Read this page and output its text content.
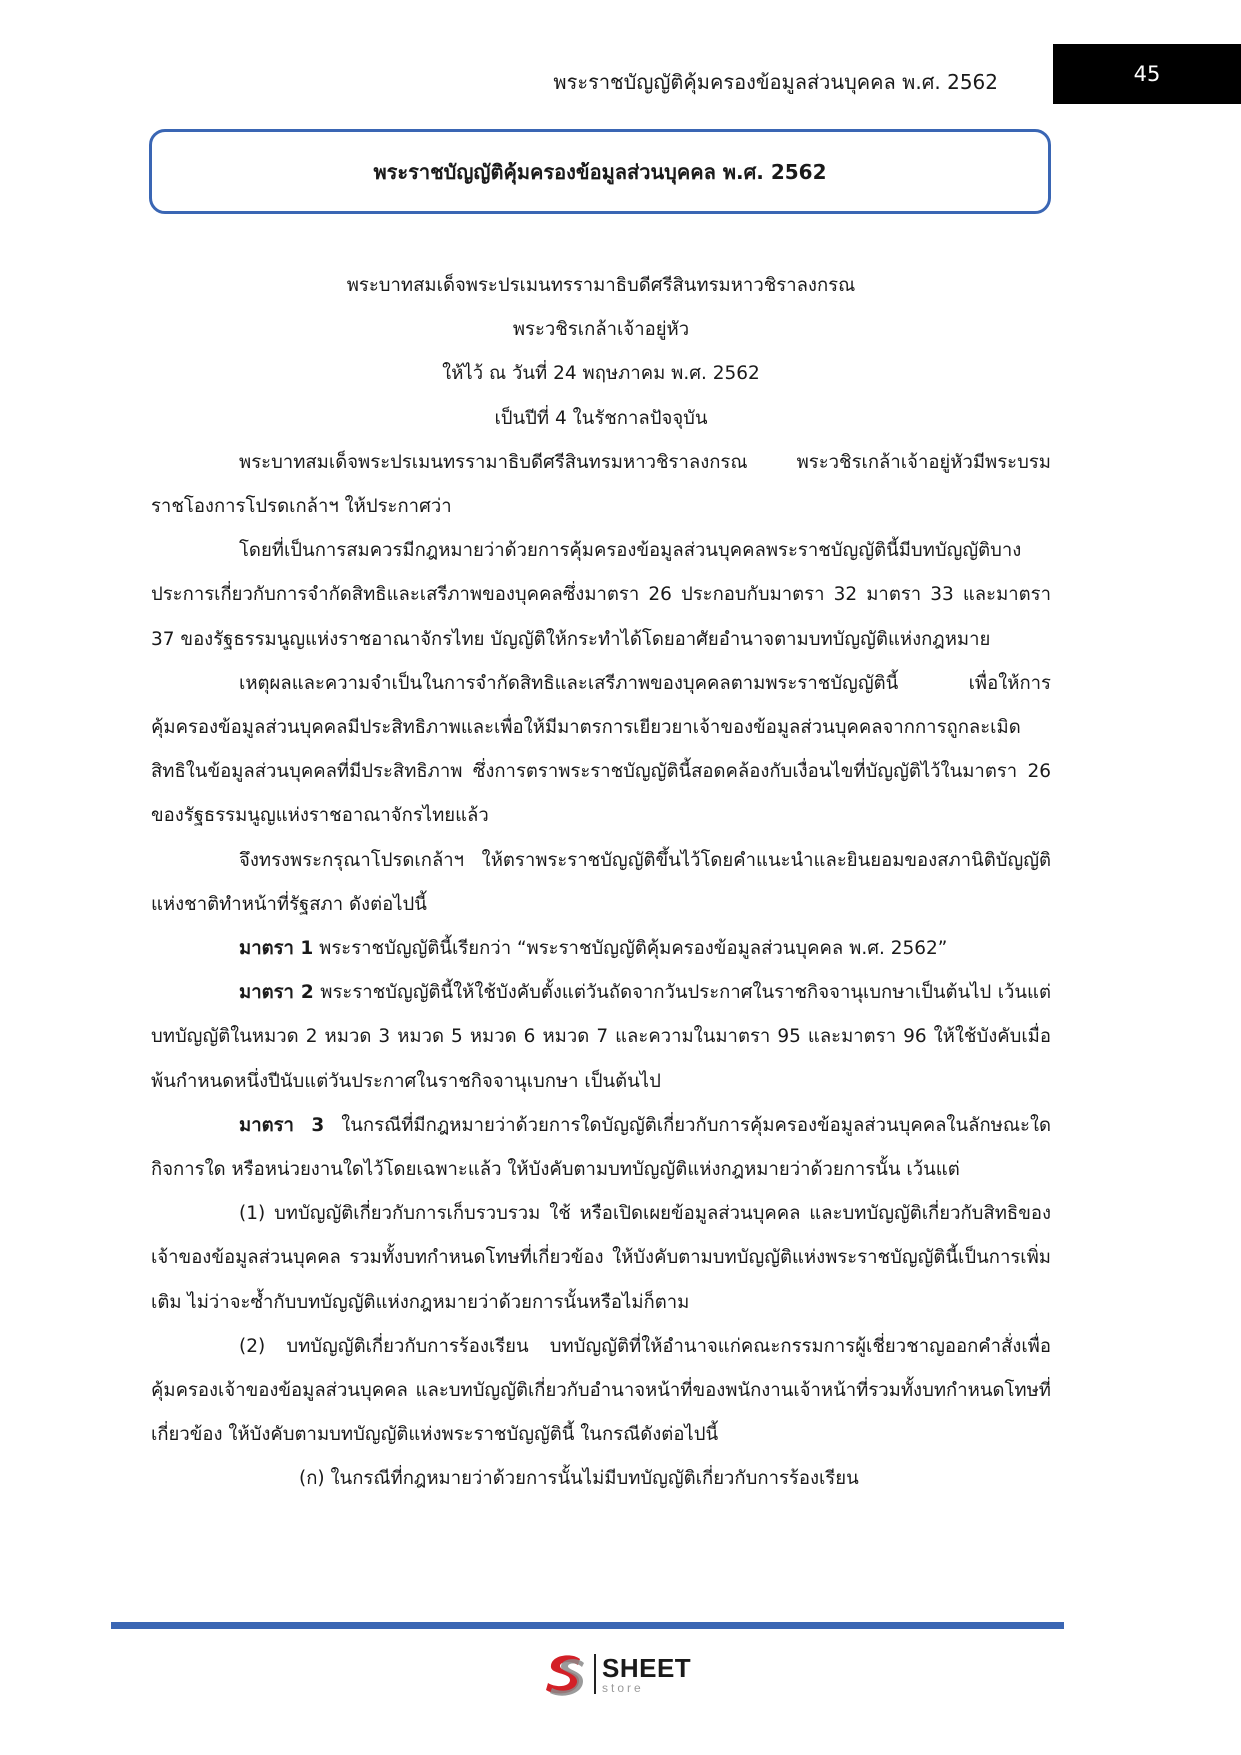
พระราชบัญญัติคุ้มครองข้อมูลส่วนบุคคล พ.ศ. 2562	45
พระราชบัญญัติคุ้มครองข้อมูลส่วนบุคคล พ.ศ. 2562

พระบาทสมเด็จพระปรเมนทรรามาธิบดีศรีสินทรมหาวชิราลงกรณ

พระวชิรเกล้าเจ้าอยู่หัว

ให้ไว้ ณ วันที่ 24 พฤษภาคม พ.ศ. 2562

เป็นปีที่ 4 ในรัชกาลปัจจุบัน

พระบาทสมเด็จพระปรเมนทรรามาธิบดีศรีสินทรมหาวชิราลงกรณ พระวชิรเกล้าเจ้าอยู่หัวมีพระบรมราชโองการโปรดเกล้าฯ ให้ประกาศว่า

โดยที่เป็นการสมควรมีกฎหมายว่าด้วยการคุ้มครองข้อมูลส่วนบุคคลพระราชบัญญัตินี้มีบทบัญญัติบางประการเกี่ยวกับการจำกัดสิทธิและเสรีภาพของบุคคลซึ่งมาตรา 26 ประกอบกับมาตรา 32 มาตรา 33 และมาตรา 37 ของรัฐธรรมนูญแห่งราชอาณาจักรไทย บัญญัติให้กระทำได้โดยอาศัยอำนาจตามบทบัญญัติแห่งกฎหมาย

เหตุผลและความจำเป็นในการจำกัดสิทธิและเสรีภาพของบุคคลตามพระราชบัญญัตินี้ เพื่อให้การคุ้มครองข้อมูลส่วนบุคคลมีประสิทธิภาพและเพื่อให้มีมาตรการเยียวยาเจ้าของข้อมูลส่วนบุคคลจากการถูกละเมิดสิทธิในข้อมูลส่วนบุคคลที่มีประสิทธิภาพ ซึ่งการตราพระราชบัญญัตินี้สอดคล้องกับเงื่อนไขที่บัญญัติไว้ในมาตรา 26 ของรัฐธรรมนูญแห่งราชอาณาจักรไทยแล้ว

จึงทรงพระกรุณาโปรดเกล้าฯ ให้ตราพระราชบัญญัติขึ้นไว้โดยคำแนะนำและยินยอมของสภานิติบัญญัติแห่งชาติทำหน้าที่รัฐสภา ดังต่อไปนี้

มาตรา 1 พระราชบัญญัตินี้เรียกว่า “พระราชบัญญัติคุ้มครองข้อมูลส่วนบุคคล พ.ศ. 2562”

มาตรา 2 พระราชบัญญัตินี้ให้ใช้บังคับตั้งแต่วันถัดจากวันประกาศในราชกิจจานุเบกษาเป็นต้นไป เว้นแต่บทบัญญัติในหมวด 2 หมวด 3 หมวด 5 หมวด 6 หมวด 7 และความในมาตรา 95 และมาตรา 96 ให้ใช้บังคับเมื่อพ้นกำหนดหนึ่งปีนับแต่วันประกาศในราชกิจจานุเบกษา เป็นต้นไป

มาตรา 3 ในกรณีที่มีกฎหมายว่าด้วยการใดบัญญัติเกี่ยวกับการคุ้มครองข้อมูลส่วนบุคคลในลักษณะใด กิจการใด หรือหน่วยงานใดไว้โดยเฉพาะแล้ว ให้บังคับตามบทบัญญัติแห่งกฎหมายว่าด้วยการนั้น เว้นแต่

(1) บทบัญญัติเกี่ยวกับการเก็บรวบรวม ใช้ หรือเปิดเผยข้อมูลส่วนบุคคล และบทบัญญัติเกี่ยวกับสิทธิของเจ้าของข้อมูลส่วนบุคคล รวมทั้งบทกำหนดโทษที่เกี่ยวข้อง ให้บังคับตามบทบัญญัติแห่งพระราชบัญญัตินี้เป็นการเพิ่มเติม ไม่ว่าจะซ้ำกับบทบัญญัติแห่งกฎหมายว่าด้วยการนั้นหรือไม่ก็ตาม

(2) บทบัญญัติเกี่ยวกับการร้องเรียน บทบัญญัติที่ให้อำนาจแก่คณะกรรมการผู้เชี่ยวชาญออกคำสั่งเพื่อคุ้มครองเจ้าของข้อมูลส่วนบุคคล และบทบัญญัติเกี่ยวกับอำนาจหน้าที่ของพนักงานเจ้าหน้าที่รวมทั้งบทกำหนดโทษที่เกี่ยวข้อง ให้บังคับตามบทบัญญัติแห่งพระราชบัญญัตินี้ ในกรณีดังต่อไปนี้

(ก) ในกรณีที่กฎหมายว่าด้วยการนั้นไม่มีบทบัญญัติเกี่ยวกับการร้องเรียน

SHEET
store
